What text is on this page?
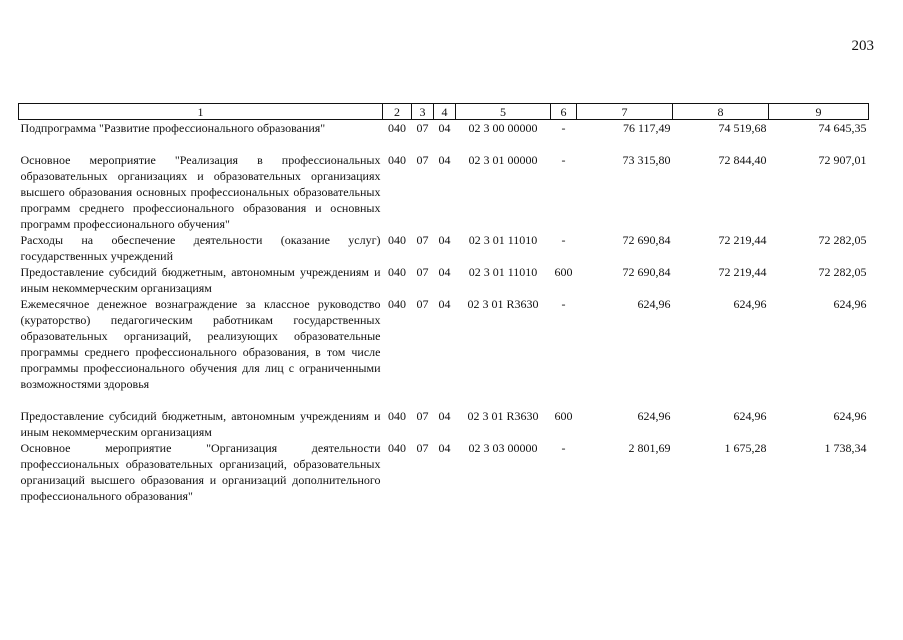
203
1	2	3	4	5	6	7	8	9
Подпрограмма "Развитие профессионального образования"	040	07	04	02 3 00 00000	-	76 117,49	74 519,68	74 645,35
Основное мероприятие "Реализация в профессиональных образовательных организациях и образовательных организациях высшего образования основных профессиональных образовательных программ среднего профессионального образования и основных программ профессионального обучения"	040	07	04	02 3 01 00000	-	73 315,80	72 844,40	72 907,01
Расходы на обеспечение деятельности (оказание услуг) государственных учреждений	040	07	04	02 3 01 11010	-	72 690,84	72 219,44	72 282,05
Предоставление субсидий бюджетным, автономным учреждениям и иным некоммерческим организациям	040	07	04	02 3 01 11010	600	72 690,84	72 219,44	72 282,05
Ежемесячное денежное вознаграждение за классное руководство (кураторство) педагогическим работникам государственных образовательных организаций, реализующих образовательные программы среднего профессионального образования, в том числе программы профессионального обучения для лиц с ограниченными возможностями здоровья	040	07	04	02 3 01 R3630	-	624,96	624,96	624,96
Предоставление субсидий бюджетным, автономным учреждениям и иным некоммерческим организациям	040	07	04	02 3 01 R3630	600	624,96	624,96	624,96
Основное мероприятие "Организация деятельности профессиональных образовательных организаций, образовательных организаций высшего образования и организаций дополнительного профессионального образования"	040	07	04	02 3 03 00000	-	2 801,69	1 675,28	1 738,34
